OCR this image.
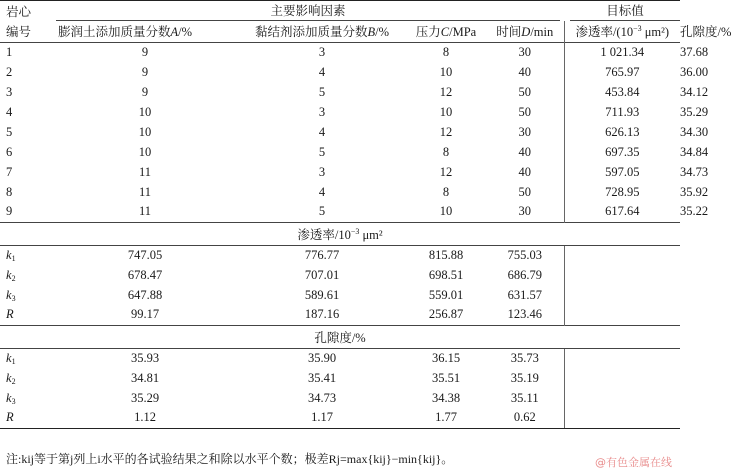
岩心	主要影响因素				目标值	

编号	膨润土添加质量分数A/%	黏结剂添加质量分数B/%	压力C/MPa	时间D/min	渗透率$/(10^{-3}$ μm²)	孔隙度/%
1	9	3	8	30	1 021.34	37.68
2	9	4	10	40	765.97	36.00
3	9	5	12	50	453.84	34.12
4	10	3	10	50	711.93	35.29
5	10	4	12	30	626.13	34.30
6	10	5	8	40	697.35	34.84
7	11	3	12	40	597.05	34.73
8	11	4	8	50	728.95	35.92
9	11	5	10	30	617.64	35.22
渗透率$/10^{-3}$ μm²						
$k_1$	747.05	776.77	815.88	755.03		
$k_2$	678.47	707.01	698.51	686.79		
$k_3$	647.88	589.61	559.01	631.57		
R	99.17	187.16	256.87	123.46		
孔隙度/%						
$k_1$	35.93	35.90	36.15	35.73		
$k_2$	34.81	35.41	35.51	35.19		
$k_3$	35.29	34.73	34.38	35.11		
R	1.12	1.17	1.77	0.62		
注:kij等于第j列上i水平的各试验结果之和除以水平个数；极差Rj=max{kij}−min{kij}。	@有色金属在线
